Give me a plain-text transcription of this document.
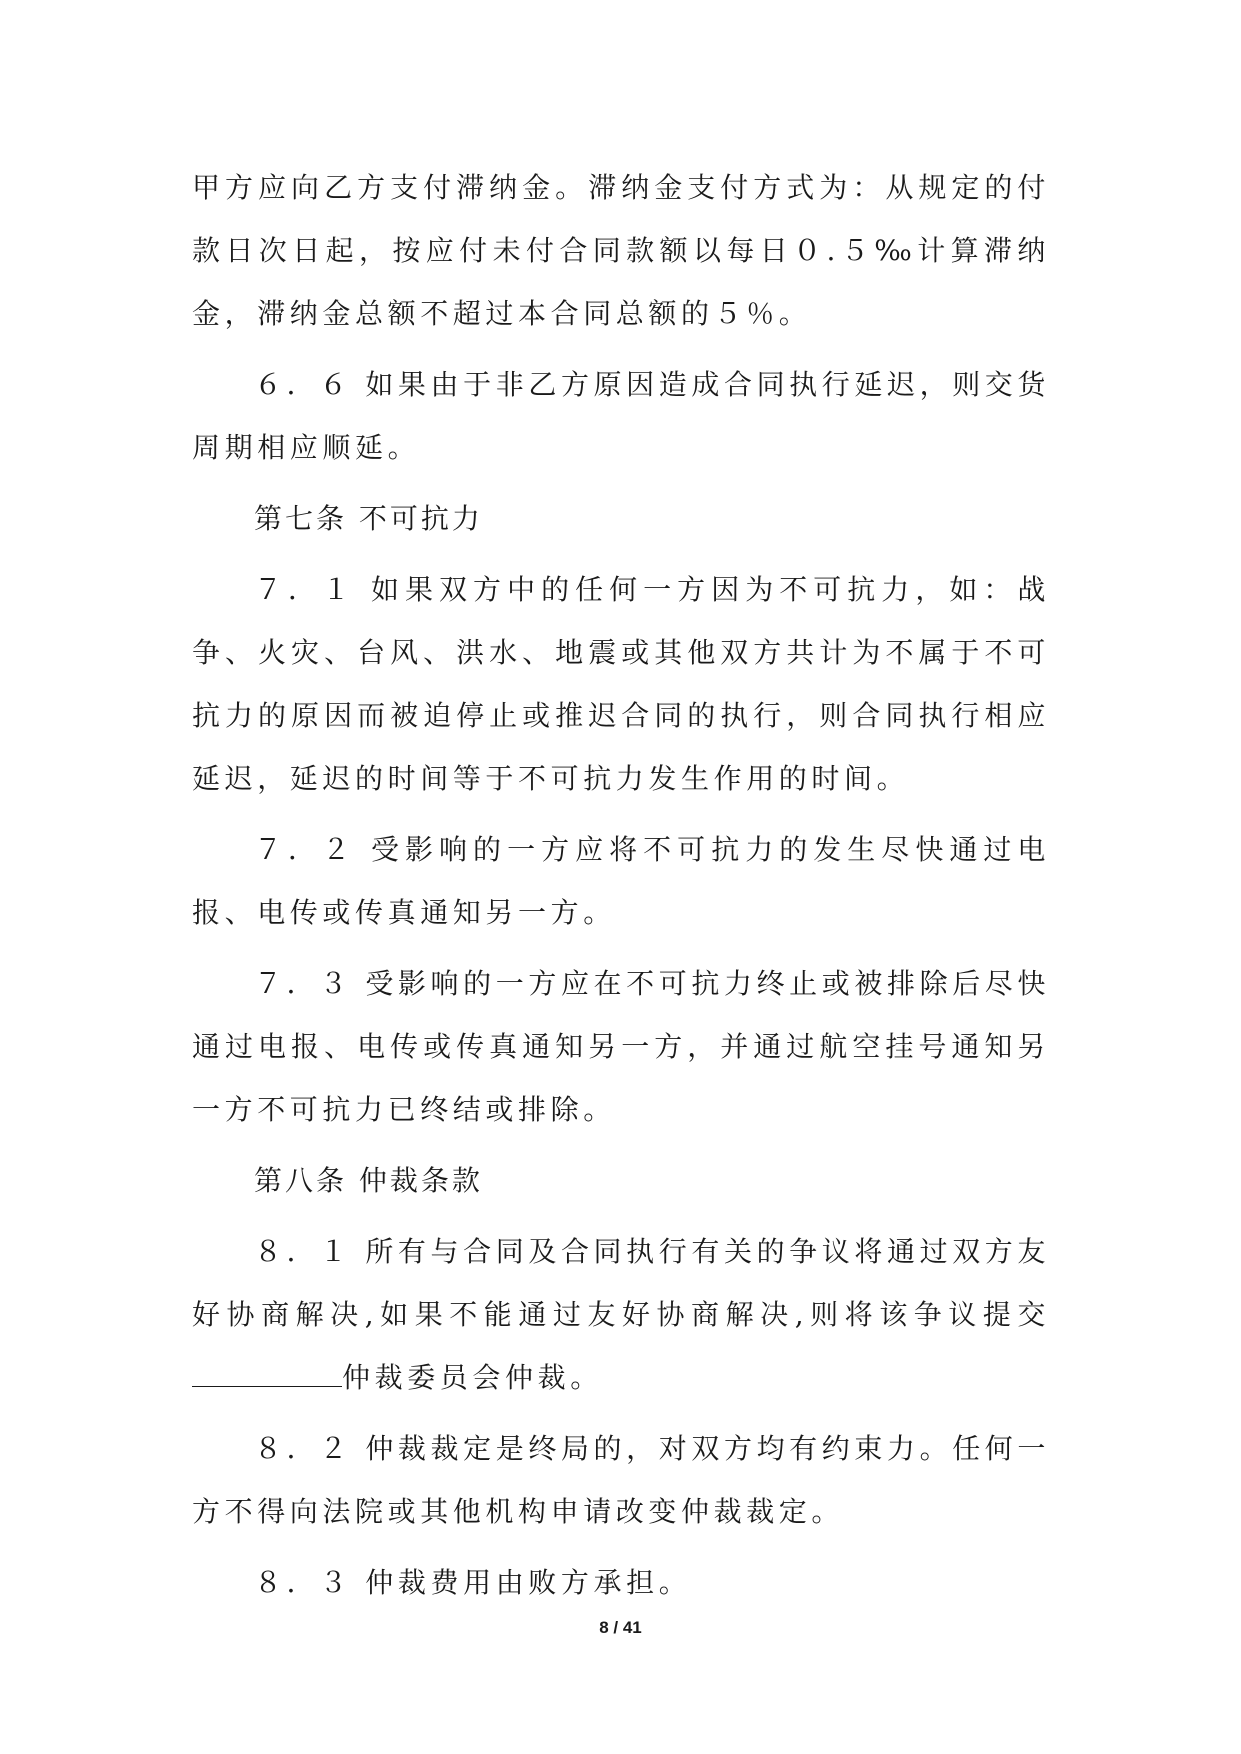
甲方应向乙方支付滞纳金。滞纳金支付方式为：从规定的付款日次日起，按应付未付合同款额以每日０.５‰计算滞纳金，滞纳金总额不超过本合同总额的５％。

６．６ 如果由于非乙方原因造成合同执行延迟，则交货周期相应顺延。

第七条 不可抗力

７．１ 如果双方中的任何一方因为不可抗力，如：战争、火灾、台风、洪水、地震或其他双方共计为不属于不可抗力的原因而被迫停止或推迟合同的执行，则合同执行相应延迟，延迟的时间等于不可抗力发生作用的时间。

７．２ 受影响的一方应将不可抗力的发生尽快通过电报、电传或传真通知另一方。

７．３ 受影响的一方应在不可抗力终止或被排除后尽快通过电报、电传或传真通知另一方，并通过航空挂号通知另一方不可抗力已终结或排除。

第八条 仲裁条款

８．１ 所有与合同及合同执行有关的争议将通过双方友好协商解决,如果不能通过友好协商解决,则将该争议提交仲裁委员会仲裁。

８．２ 仲裁裁定是终局的，对双方均有约束力。任何一方不得向法院或其他机构申请改变仲裁裁定。

８．３ 仲裁费用由败方承担。

8 / 41
